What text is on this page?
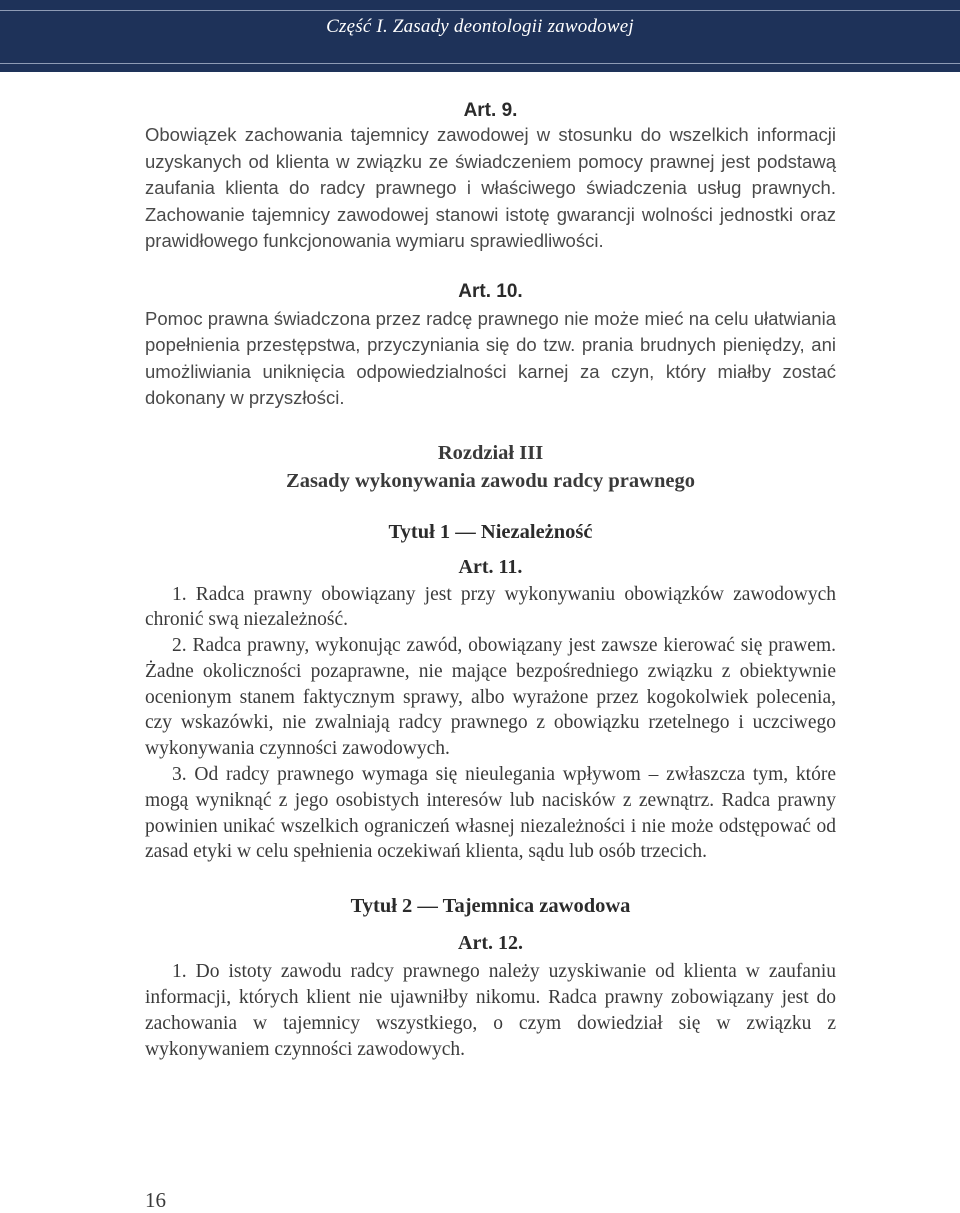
Część I. Zasady deontologii zawodowej

Art. 9.

Obowiązek zachowania tajemnicy zawodowej w stosunku do wszelkich informacji uzyskanych od klienta w związku ze świadczeniem pomocy prawnej jest podstawą zaufania klienta do radcy prawnego i właściwego świadczenia usług prawnych. Zachowanie tajemnicy zawodowej stanowi istotę gwarancji wolności jednostki oraz prawidłowego funkcjonowania wymiaru sprawiedliwości.

Art. 10.

Pomoc prawna świadczona przez radcę prawnego nie może mieć na celu ułatwiania popełnienia przestępstwa, przyczyniania się do tzw. prania brudnych pieniędzy, ani umożliwiania uniknięcia odpowiedzialności karnej za czyn, który miałby zostać dokonany w przyszłości.

Rozdział III

Zasady wykonywania zawodu radcy prawnego

Tytuł 1 — Niezależność

Art. 11.

1. Radca prawny obowiązany jest przy wykonywaniu obowiązków zawodowych chronić swą niezależność.

2. Radca prawny, wykonując zawód, obowiązany jest zawsze kierować się prawem. Żadne okoliczności pozaprawne, nie mające bezpośredniego związku z obiektywnie ocenionym stanem faktycznym sprawy, albo wyrażone przez kogokolwiek polecenia, czy wskazówki, nie zwalniają radcy prawnego z obowiązku rzetelnego i uczciwego wykonywania czynności zawodowych.

3. Od radcy prawnego wymaga się nieulegania wpływom – zwłaszcza tym, które mogą wyniknąć z jego osobistych interesów lub nacisków z zewnątrz. Radca prawny powinien unikać wszelkich ograniczeń własnej niezależności i nie może odstępować od zasad etyki w celu spełnienia oczekiwań klienta, sądu lub osób trzecich.

Tytuł 2 — Tajemnica zawodowa

Art. 12.

1. Do istoty zawodu radcy prawnego należy uzyskiwanie od klienta w zaufaniu informacji, których klient nie ujawniłby nikomu. Radca prawny zobowiązany jest do zachowania w tajemnicy wszystkiego, o czym dowiedział się w związku z wykonywaniem czynności zawodowych.

16
